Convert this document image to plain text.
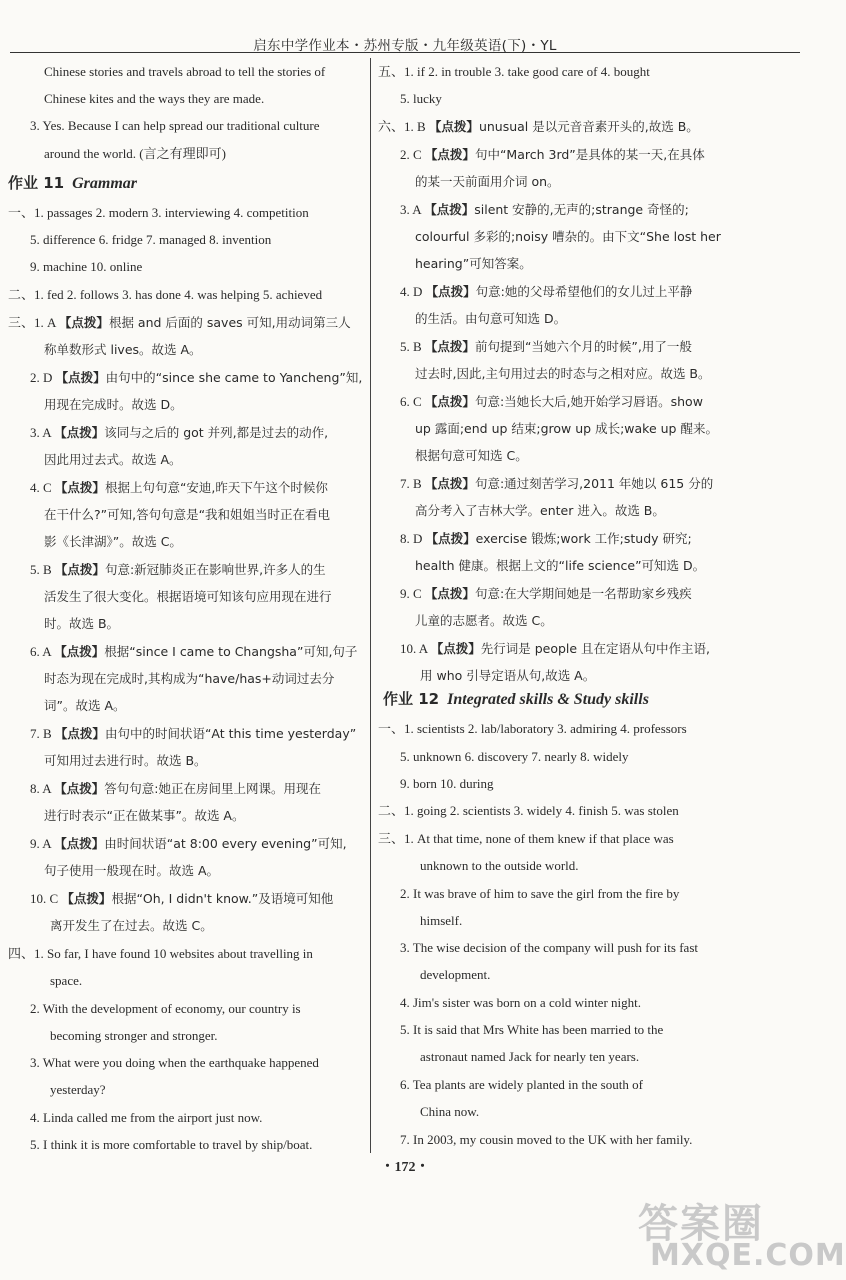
启东中学作业本・苏州专版・九年级英语(下)・YL
Chinese stories and travels abroad to tell the stories of
Chinese kites and the ways they are made.
3. Yes. Because I can help spread our traditional culture
around the world. (言之有理即可)
作业 11 Grammar
一、1. passages 2. modern 3. interviewing 4. competition
5. difference 6. fridge 7. managed 8. invention
9. machine 10. online
二、1. fed 2. follows 3. has done 4. was helping 5. achieved
三、1. A 【点拨】根据 and 后面的 saves 可知,用动词第三人
称单数形式 lives。故选 A。
2. D 【点拨】由句中的“since she came to Yancheng”知,
用现在完成时。故选 D。
3. A 【点拨】该同与之后的 got 并列,都是过去的动作,
因此用过去式。故选 A。
4. C 【点拨】根据上句句意“安迪,昨天下午这个时候你
在干什么?”可知,答句句意是“我和姐姐当时正在看电
影《长津湖》”。故选 C。
5. B 【点拨】句意:新冠肺炎正在影响世界,许多人的生
活发生了很大变化。根据语境可知该句应用现在进行
时。故选 B。
6. A 【点拨】根据“since I came to Changsha”可知,句子
时态为现在完成时,其构成为“have/has+动词过去分
词”。故选 A。
7. B 【点拨】由句中的时间状语“At this time yesterday”
可知用过去进行时。故选 B。
8. A 【点拨】答句句意:她正在房间里上网课。用现在
进行时表示“正在做某事”。故选 A。
9. A 【点拨】由时间状语“at 8:00 every evening”可知,
句子使用一般现在时。故选 A。
10. C 【点拨】根据“Oh, I didn't know.”及语境可知他
离开发生了在过去。故选 C。
四、1. So far, I have found 10 websites about travelling in
space.
2. With the development of economy, our country is
becoming stronger and stronger.
3. What were you doing when the earthquake happened
yesterday?
4. Linda called me from the airport just now.
5. I think it is more comfortable to travel by ship/boat.
五、1. if 2. in trouble 3. take good care of 4. bought
5. lucky
六、1. B 【点拨】unusual 是以元音音素开头的,故选 B。
2. C 【点拨】句中“March 3rd”是具体的某一天,在具体
的某一天前面用介词 on。
3. A 【点拨】silent 安静的,无声的;strange 奇怪的;
colourful 多彩的;noisy 嘈杂的。由下文“She lost her
hearing”可知答案。
4. D 【点拨】句意:她的父母希望他们的女儿过上平静
的生活。由句意可知选 D。
5. B 【点拨】前句提到“当她六个月的时候”,用了一般
过去时,因此,主句用过去的时态与之相对应。故选 B。
6. C 【点拨】句意:当她长大后,她开始学习唇语。show
up 露面;end up 结束;grow up 成长;wake up 醒来。
根据句意可知选 C。
7. B 【点拨】句意:通过刻苦学习,2011 年她以 615 分的
高分考入了吉林大学。enter 进入。故选 B。
8. D 【点拨】exercise 锻炼;work 工作;study 研究;
health 健康。根据上文的“life science”可知选 D。
9. C 【点拨】句意:在大学期间她是一名帮助家乡残疾
儿童的志愿者。故选 C。
10. A 【点拨】先行词是 people 且在定语从句中作主语,
用 who 引导定语从句,故选 A。
作业 12 Integrated skills & Study skills
一、1. scientists 2. lab/laboratory 3. admiring 4. professors
5. unknown 6. discovery 7. nearly 8. widely
9. born 10. during
二、1. going 2. scientists 3. widely 4. finish 5. was stolen
三、1. At that time, none of them knew if that place was
unknown to the outside world.
2. It was brave of him to save the girl from the fire by
himself.
3. The wise decision of the company will push for its fast
development.
4. Jim's sister was born on a cold winter night.
5. It is said that Mrs White has been married to the
astronaut named Jack for nearly ten years.
6. Tea plants are widely planted in the south of
China now.
7. In 2003, my cousin moved to the UK with her family.
・172・
答案圈
MXQE.COM
